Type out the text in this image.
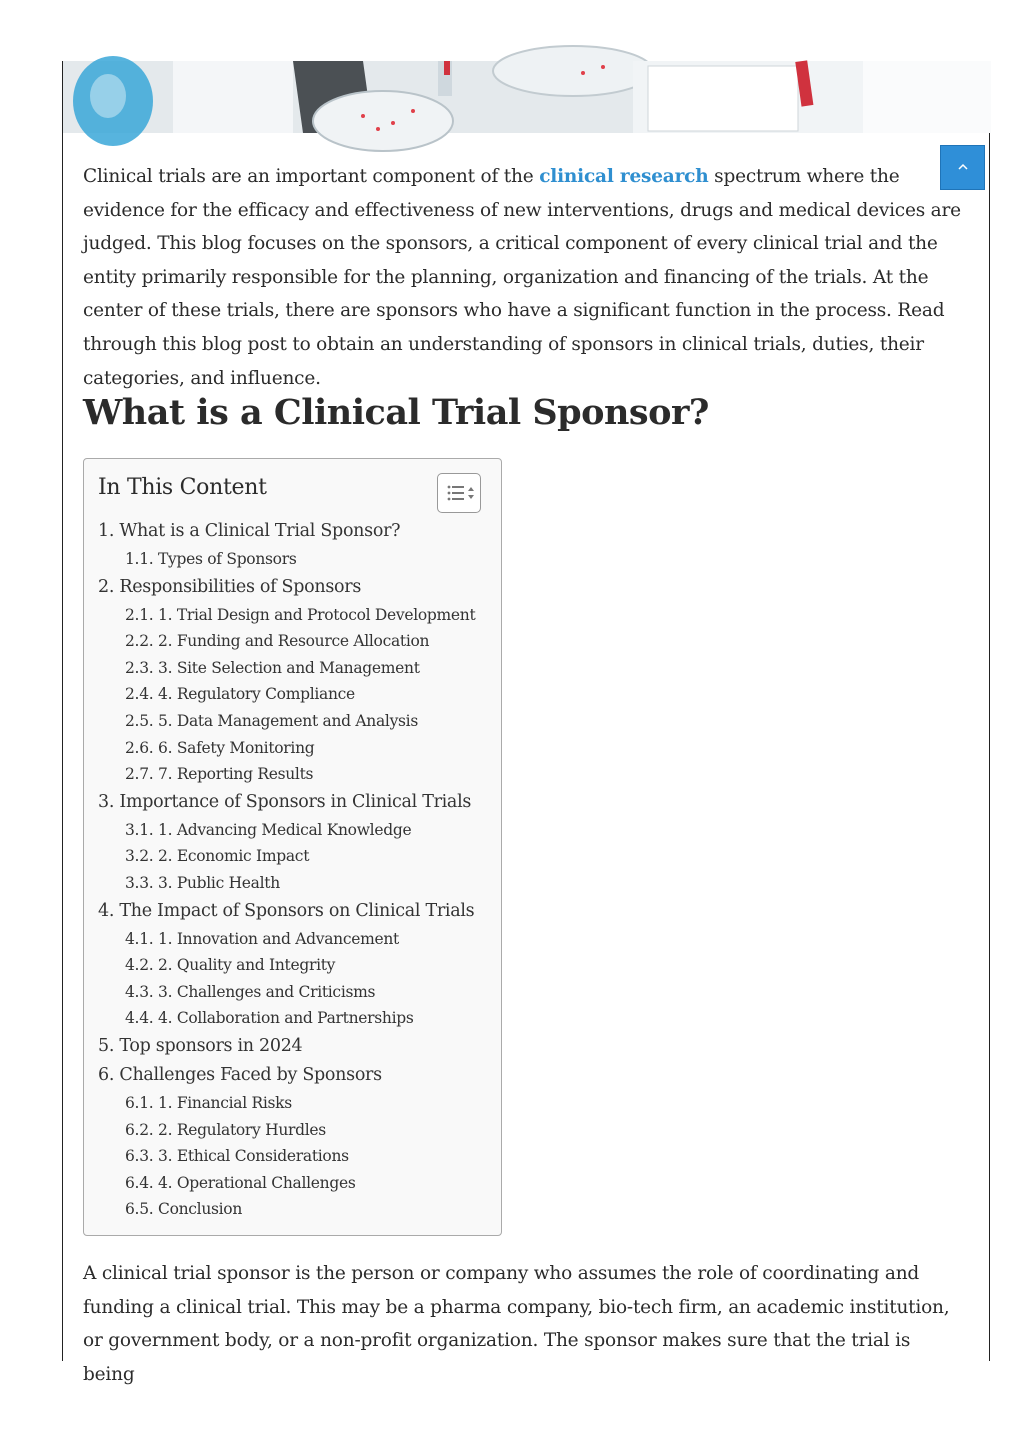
Clinical trials are an important component of the clinical research spectrum where the evidence for the efficacy and effectiveness of new interventions, drugs and medical devices are judged. This blog focuses on the sponsors, a critical component of every clinical trial and the entity primarily responsible for the planning, organization and financing of the trials. At the center of these trials, there are sponsors who have a significant function in the process. Read through this blog post to obtain an understanding of sponsors in clinical trials, duties, their categories, and influence.

What is a Clinical Trial Sponsor?
In This Content
1. What is a Clinical Trial Sponsor?
1.1. Types of Sponsors
2. Responsibilities of Sponsors
2.1. 1. Trial Design and Protocol Development
2.2. 2. Funding and Resource Allocation
2.3. 3. Site Selection and Management
2.4. 4. Regulatory Compliance
2.5. 5. Data Management and Analysis
2.6. 6. Safety Monitoring
2.7. 7. Reporting Results
3. Importance of Sponsors in Clinical Trials
3.1. 1. Advancing Medical Knowledge
3.2. 2. Economic Impact
3.3. 3. Public Health
4. The Impact of Sponsors on Clinical Trials
4.1. 1. Innovation and Advancement
4.2. 2. Quality and Integrity
4.3. 3. Challenges and Criticisms
4.4. 4. Collaboration and Partnerships
5. Top sponsors in 2024
6. Challenges Faced by Sponsors
6.1. 1. Financial Risks
6.2. 2. Regulatory Hurdles
6.3. 3. Ethical Considerations
6.4. 4. Operational Challenges
6.5. Conclusion

A clinical trial sponsor is the person or company who assumes the role of coordinating and funding a clinical trial. This may be a pharma company, bio-tech firm, an academic institution, or government body, or a non-profit organization. The sponsor makes sure that the trial is being
